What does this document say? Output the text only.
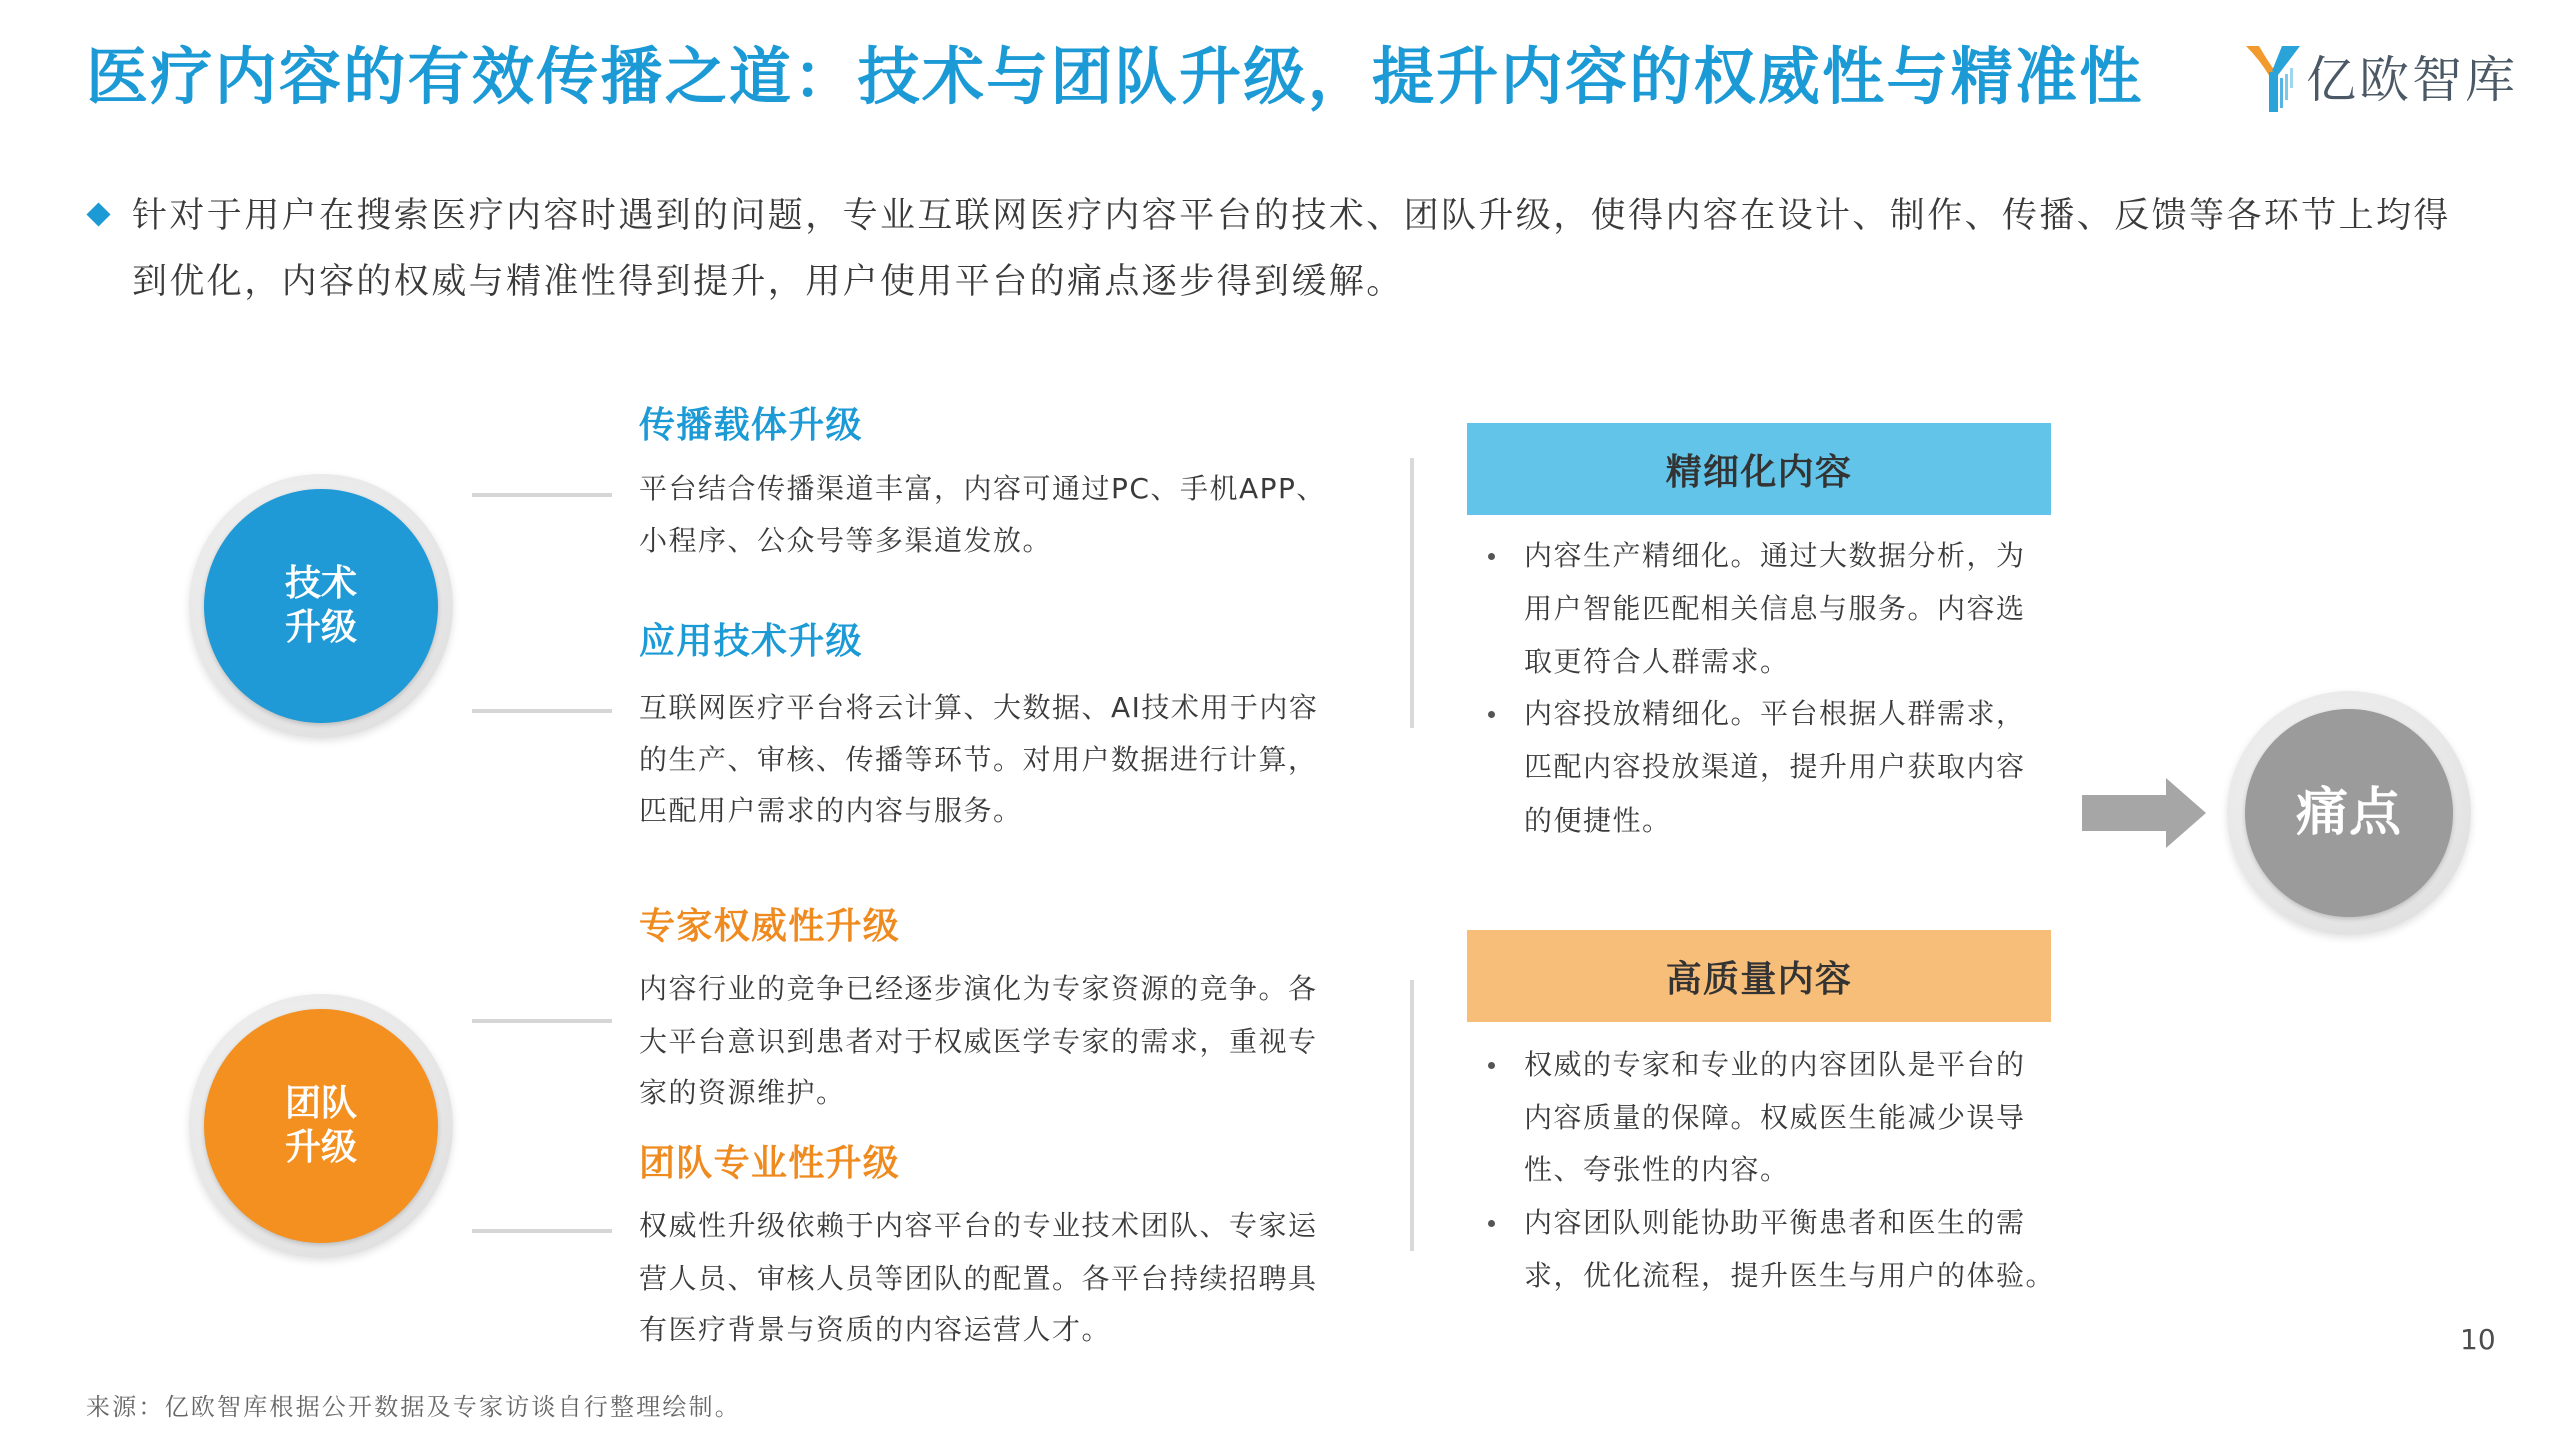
医疗内容的有效传播之道：技术与团队升级，提升内容的权威性与精准性	亿欧智库
针对于用户在搜索医疗内容时遇到的问题，专业互联网医疗内容平台的技术、团队升级，使得内容在设计、制作、传播、反馈等各环节上均得
到优化，内容的权威与精准性得到提升，用户使用平台的痛点逐步得到缓解。
技术
升级
团队
升级
传播载体升级
平台结合传播渠道丰富，内容可通过PC、手机APP、
小程序、公众号等多渠道发放。
应用技术升级
互联网医疗平台将云计算、大数据、AI技术用于内容
的生产、审核、传播等环节。对用户数据进行计算，
匹配用户需求的内容与服务。
专家权威性升级
内容行业的竞争已经逐步演化为专家资源的竞争。各
大平台意识到患者对于权威医学专家的需求，重视专
家的资源维护。
团队专业性升级
权威性升级依赖于内容平台的专业技术团队、专家运
营人员、审核人员等团队的配置。各平台持续招聘具
有医疗背景与资质的内容运营人才。
精细化内容
内容生产精细化。通过大数据分析，为
用户智能匹配相关信息与服务。内容选
取更符合人群需求。
内容投放精细化。平台根据人群需求，
匹配内容投放渠道，提升用户获取内容
的便捷性。
高质量内容
权威的专家和专业的内容团队是平台的
内容质量的保障。权威医生能减少误导
性、夸张性的内容。
内容团队则能协助平衡患者和医生的需
求，优化流程，提升医生与用户的体验。
痛点
10
来源：亿欧智库根据公开数据及专家访谈自行整理绘制。
